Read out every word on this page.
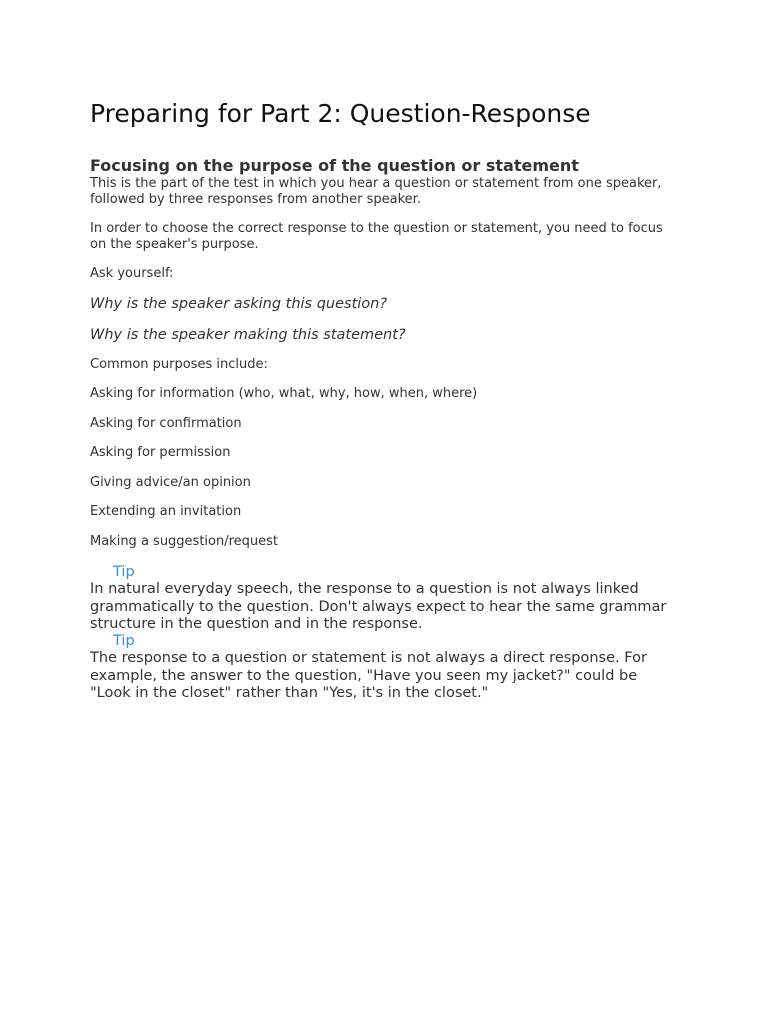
Preparing for Part 2: Question-Response
Focusing on the purpose of the question or statement

This is the part of the test in which you hear a question or statement from one speaker, followed by three responses from another speaker.

In order to choose the correct response to the question or statement, you need to focus on the speaker's purpose.

Ask yourself:

Why is the speaker asking this question?

Why is the speaker making this statement?

Common purposes include:

Asking for information (who, what, why, how, when, where)

Asking for confirmation

Asking for permission

Giving advice/an opinion

Extending an invitation

Making a suggestion/request

Tip

In natural everyday speech, the response to a question is not always linked grammatically to the question. Don't always expect to hear the same grammar structure in the question and in the response.

Tip

The response to a question or statement is not always a direct response. For example, the answer to the question, "Have you seen my jacket?" could be "Look in the closet" rather than "Yes, it's in the closet."
